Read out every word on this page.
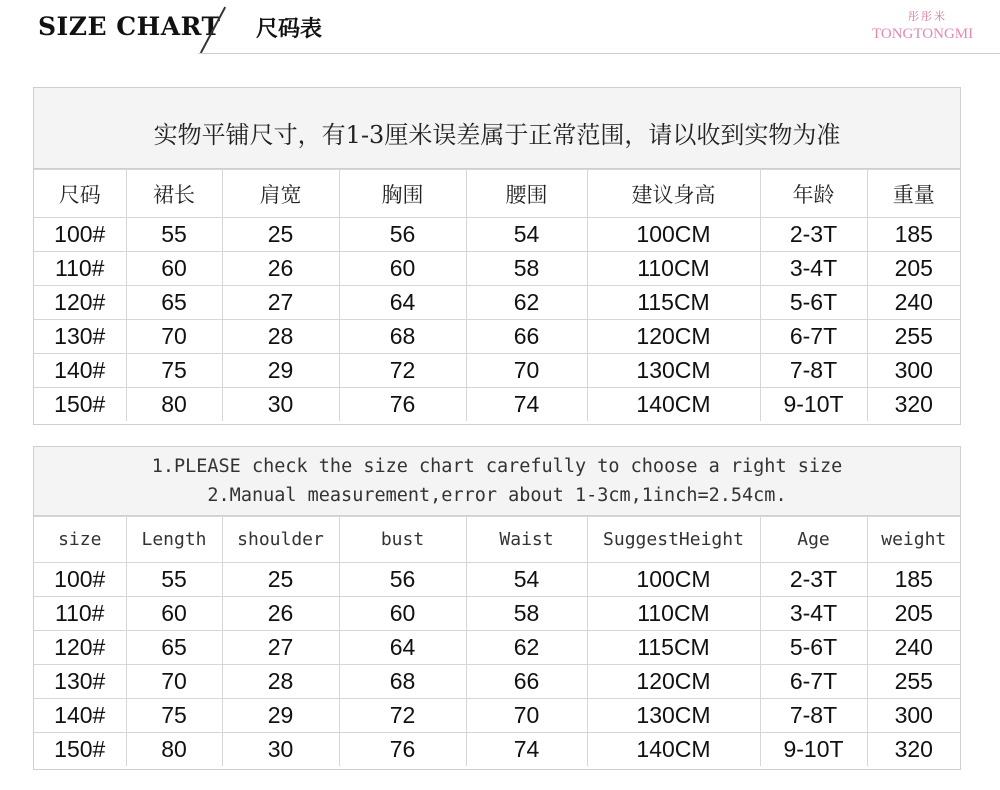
SIZE CHART 尺码表	彤彤米
TONGTONGMI
实物平铺尺寸，有1-3厘米误差属于正常范围，请以收到实物为准
尺码	裙长	肩宽	胸围	腰围	建议身高	年龄	重量
100#	55	25	56	54	100CM	2-3T	185
110#	60	26	60	58	110CM	3-4T	205
120#	65	27	64	62	115CM	5-6T	240
130#	70	28	68	66	120CM	6-7T	255
140#	75	29	72	70	130CM	7-8T	300
150#	80	30	76	74	140CM	9-10T	320
1.PLEASE check the size chart carefully to choose a right size
2.Manual measurement,error about 1-3cm,1inch=2.54cm.
size	Length	shoulder	bust	Waist	SuggestHeight	Age	weight
100#	55	25	56	54	100CM	2-3T	185
110#	60	26	60	58	110CM	3-4T	205
120#	65	27	64	62	115CM	5-6T	240
130#	70	28	68	66	120CM	6-7T	255
140#	75	29	72	70	130CM	7-8T	300
150#	80	30	76	74	140CM	9-10T	320
